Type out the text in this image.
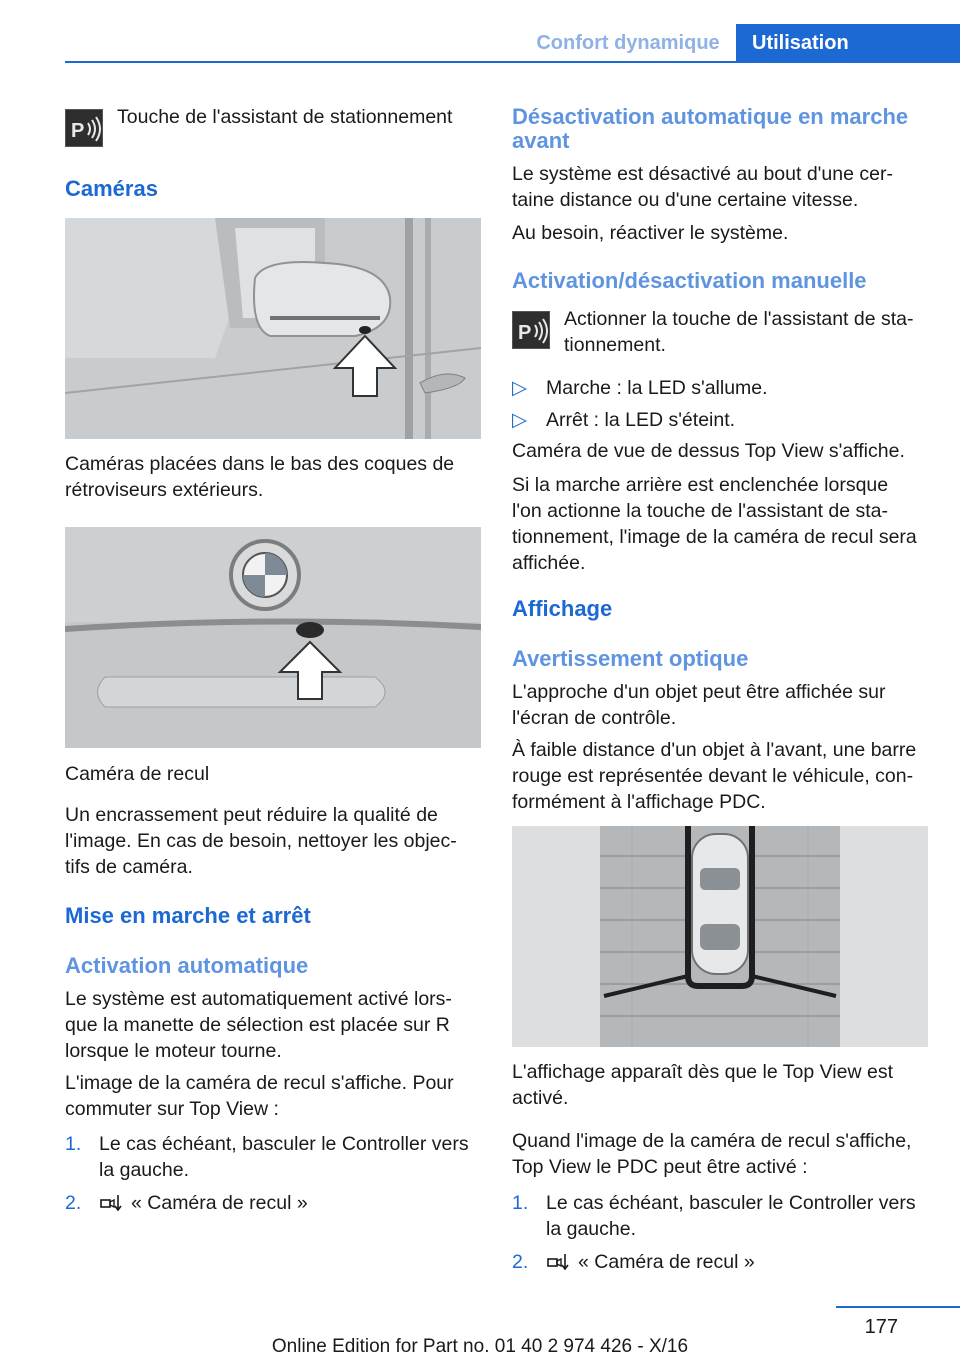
Confort dynamique	Utilisation
P

Touche de l'assistant de stationnement

Caméras

Caméras placées dans le bas des coques de

rétroviseurs extérieurs.

Caméra de recul

Un encrassement peut réduire la qualité de

l'image. En cas de besoin, nettoyer les objec‐

tifs de caméra.

Mise en marche et arrêt
Activation automatique

Le système est automatiquement activé lors‐

que la manette de sélection est placée sur R

lorsque le moteur tourne.

L'image de la caméra de recul s'affiche. Pour

commuter sur Top View :

1. Le cas échéant, basculer le Controller vers
la gauche.
2.	« Caméra de recul »
Désactivation automatique en marche
avant

Le système est désactivé au bout d'une cer‐

taine distance ou d'une certaine vitesse.

Au besoin, réactiver le système.

Activation/désactivation manuelle
P

Actionner la touche de l'assistant de sta‐

tionnement.

▷ Marche : la LED s'allume.
▷ Arrêt : la LED s'éteint.

Caméra de vue de dessus Top View s'affiche.

Si la marche arrière est enclenchée lorsque

l'on actionne la touche de l'assistant de sta‐

tionnement, l'image de la caméra de recul sera

affichée.

Affichage
Avertissement optique

L'approche d'un objet peut être affichée sur

l'écran de contrôle.

À faible distance d'un objet à l'avant, une barre

rouge est représentée devant le véhicule, con‐

formément à l'affichage PDC.

L'affichage apparaît dès que le Top View est

activé.

Quand l'image de la caméra de recul s'affiche,

Top View le PDC peut être activé :

1. Le cas échéant, basculer le Controller vers
la gauche.
2.	« Caméra de recul »
177
Online Edition for Part no. 01 40 2 974 426 - X/16
